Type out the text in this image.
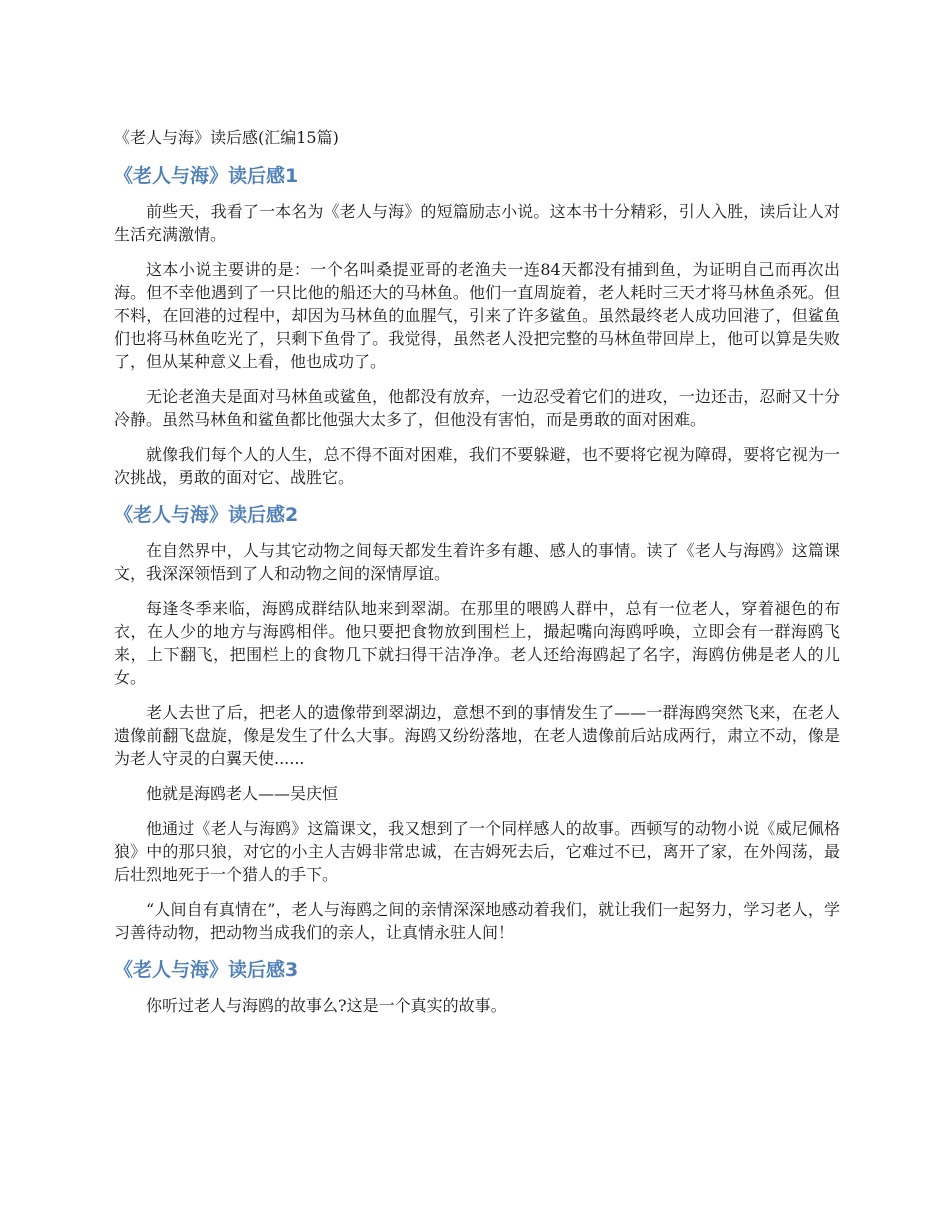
《老人与海》读后感(汇编15篇)
《老人与海》读后感1

前些天，我看了一本名为《老人与海》的短篇励志小说。这本书十分精彩，引人入胜，读后让人对生活充满激情。

这本小说主要讲的是：一个名叫桑提亚哥的老渔夫一连84天都没有捕到鱼，为证明自己而再次出海。但不幸他遇到了一只比他的船还大的马林鱼。他们一直周旋着，老人耗时三天才将马林鱼杀死。但不料，在回港的过程中，却因为马林鱼的血腥气，引来了许多鲨鱼。虽然最终老人成功回港了，但鲨鱼们也将马林鱼吃光了，只剩下鱼骨了。我觉得，虽然老人没把完整的马林鱼带回岸上，他可以算是失败了，但从某种意义上看，他也成功了。

无论老渔夫是面对马林鱼或鲨鱼，他都没有放弃，一边忍受着它们的进攻，一边还击，忍耐又十分冷静。虽然马林鱼和鲨鱼都比他强大太多了，但他没有害怕，而是勇敢的面对困难。

就像我们每个人的人生，总不得不面对困难，我们不要躲避，也不要将它视为障碍，要将它视为一次挑战，勇敢的面对它、战胜它。

《老人与海》读后感2

在自然界中，人与其它动物之间每天都发生着许多有趣、感人的事情。读了《老人与海鸥》这篇课文，我深深领悟到了人和动物之间的深情厚谊。

每逢冬季来临，海鸥成群结队地来到翠湖。在那里的喂鸥人群中，总有一位老人，穿着褪色的布衣，在人少的地方与海鸥相伴。他只要把食物放到围栏上，撮起嘴向海鸥呼唤，立即会有一群海鸥飞来，上下翻飞，把围栏上的食物几下就扫得干洁净净。老人还给海鸥起了名字，海鸥仿佛是老人的儿女。

老人去世了后，把老人的遗像带到翠湖边，意想不到的事情发生了——一群海鸥突然飞来，在老人遗像前翻飞盘旋，像是发生了什么大事。海鸥又纷纷落地，在老人遗像前后站成两行，肃立不动，像是为老人守灵的白翼天使......

他就是海鸥老人——吴庆恒

他通过《老人与海鸥》这篇课文，我又想到了一个同样感人的故事。西顿写的动物小说《威尼佩格狼》中的那只狼，对它的小主人吉姆非常忠诚，在吉姆死去后，它难过不已，离开了家，在外闯荡，最后壮烈地死于一个猎人的手下。

“人间自有真情在”，老人与海鸥之间的亲情深深地感动着我们，就让我们一起努力，学习老人，学习善待动物，把动物当成我们的亲人，让真情永驻人间！

《老人与海》读后感3

你听过老人与海鸥的故事么?这是一个真实的故事。
